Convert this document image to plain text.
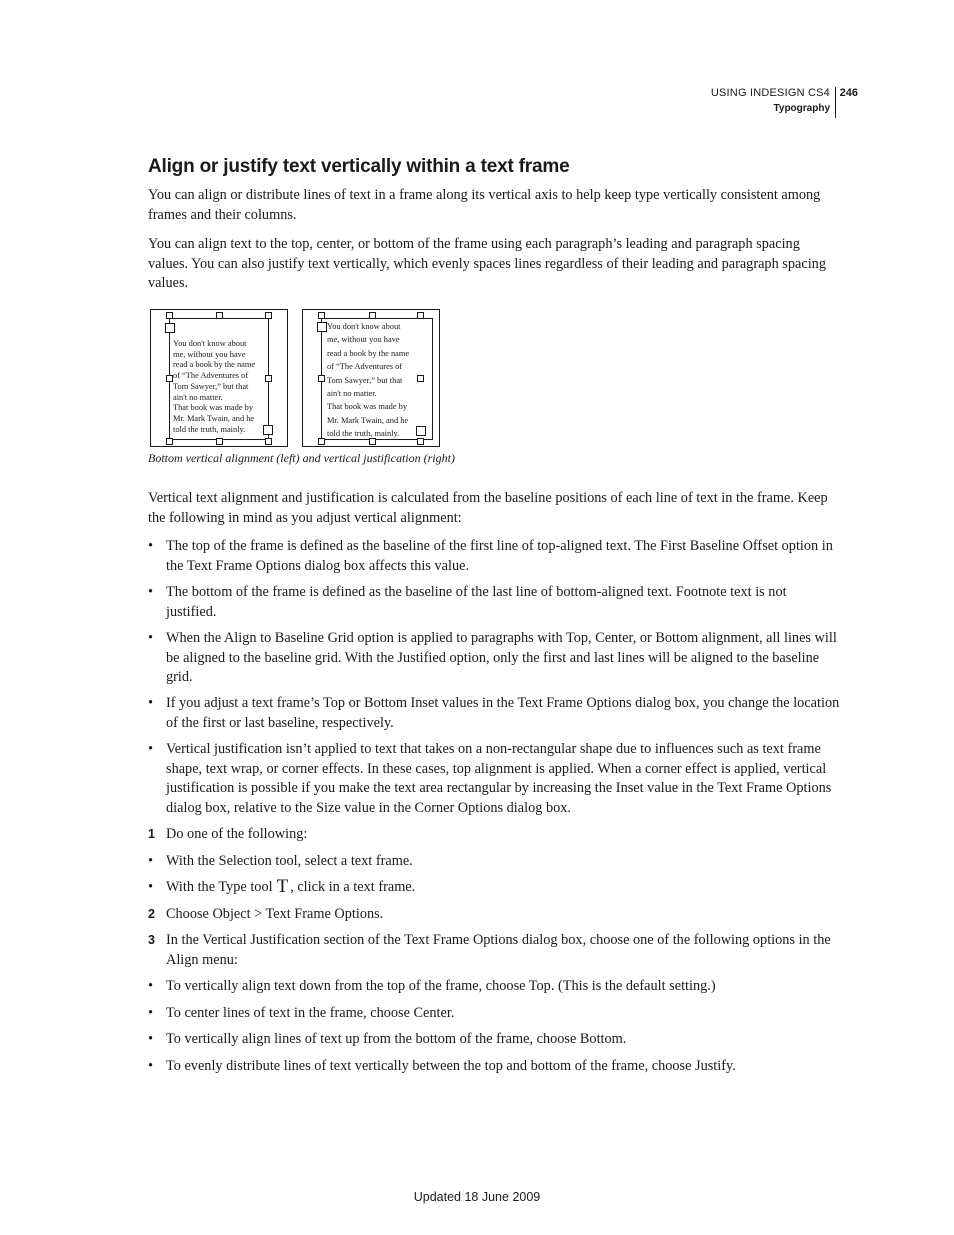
USING INDESIGN CS4
Typography
246
Align or justify text vertically within a text frame

You can align or distribute lines of text in a frame along its vertical axis to help keep type vertically consistent among frames and their columns.

You can align text to the top, center, or bottom of the frame using each paragraph’s leading and paragraph spacing values. You can also justify text vertically, which evenly spaces lines regardless of their leading and paragraph spacing values.

You don't know about
me, without you have
read a book by the name
of “The Adventures of
Tom Sawyer,” but that
ain't no matter.
That book was made by
Mr. Mark Twain, and he
told the truth, mainly.
You don't know about
me, without you have
read a book by the name
of “The Adventures of
Tom Sawyer,” but that
ain't no matter.
That book was made by
Mr. Mark Twain, and he
told the truth, mainly.

Bottom vertical alignment (left) and vertical justification (right)

Vertical text alignment and justification is calculated from the baseline positions of each line of text in the frame. Keep the following in mind as you adjust vertical alignment:

• The top of the frame is defined as the baseline of the first line of top-aligned text. The First Baseline Offset option in the Text Frame Options dialog box affects this value.
• The bottom of the frame is defined as the baseline of the last line of bottom-aligned text. Footnote text is not justified.
• When the Align to Baseline Grid option is applied to paragraphs with Top, Center, or Bottom alignment, all lines will be aligned to the baseline grid. With the Justified option, only the first and last lines will be aligned to the baseline grid.
• If you adjust a text frame’s Top or Bottom Inset values in the Text Frame Options dialog box, you change the location of the first or last baseline, respectively.
• Vertical justification isn’t applied to text that takes on a non-rectangular shape due to influences such as text frame shape, text wrap, or corner effects. In these cases, top alignment is applied. When a corner effect is applied, vertical justification is possible if you make the text area rectangular by increasing the Inset value in the Text Frame Options dialog box, relative to the Size value in the Corner Options dialog box.
1 Do one of the following:
• With the Selection tool, select a text frame.
• With the Type tool T , click in a text frame.
2 Choose Object > Text Frame Options.
3 In the Vertical Justification section of the Text Frame Options dialog box, choose one of the following options in the Align menu:
• To vertically align text down from the top of the frame, choose Top. (This is the default setting.)
• To center lines of text in the frame, choose Center.
• To vertically align lines of text up from the bottom of the frame, choose Bottom.
• To evenly distribute lines of text vertically between the top and bottom of the frame, choose Justify.
Updated 18 June 2009
